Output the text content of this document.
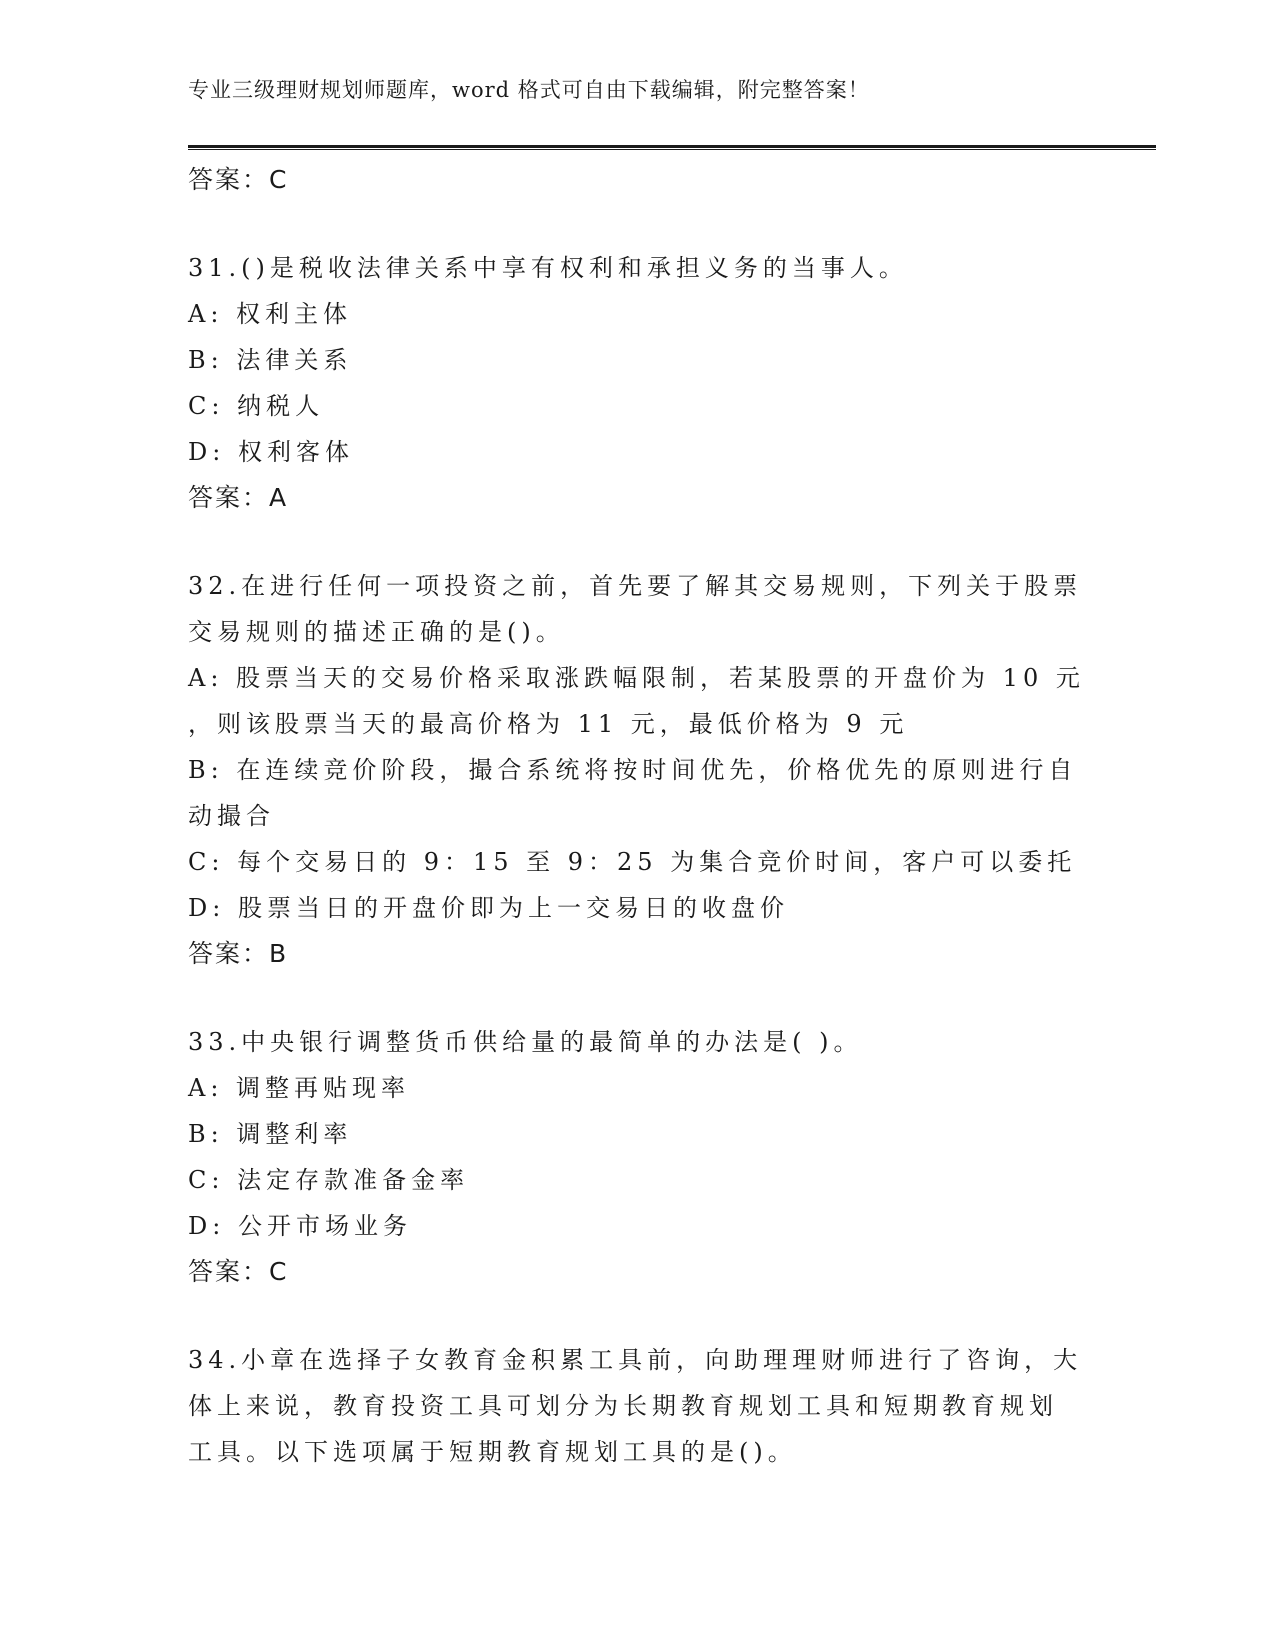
专业三级理财规划师题库，word 格式可自由下载编辑，附完整答案！
答案：C
31.()是税收法律关系中享有权利和承担义务的当事人。
A: 权利主体
B: 法律关系
C: 纳税人
D: 权利客体
答案：A
32.在进行任何一项投资之前，首先要了解其交易规则，下列关于股票
交易规则的描述正确的是()。
A: 股票当天的交易价格采取涨跌幅限制，若某股票的开盘价为 10 元
，则该股票当天的最高价格为 11 元，最低价格为 9 元
B: 在连续竞价阶段，撮合系统将按时间优先，价格优先的原则进行自
动撮合
C: 每个交易日的 9：15 至 9：25 为集合竞价时间，客户可以委托
D: 股票当日的开盘价即为上一交易日的收盘价
答案：B
33.中央银行调整货币供给量的最简单的办法是( )。
A: 调整再贴现率
B: 调整利率
C: 法定存款准备金率
D: 公开市场业务
答案：C
34.小章在选择子女教育金积累工具前，向助理理财师进行了咨询，大
体上来说，教育投资工具可划分为长期教育规划工具和短期教育规划
工具。以下选项属于短期教育规划工具的是()。
